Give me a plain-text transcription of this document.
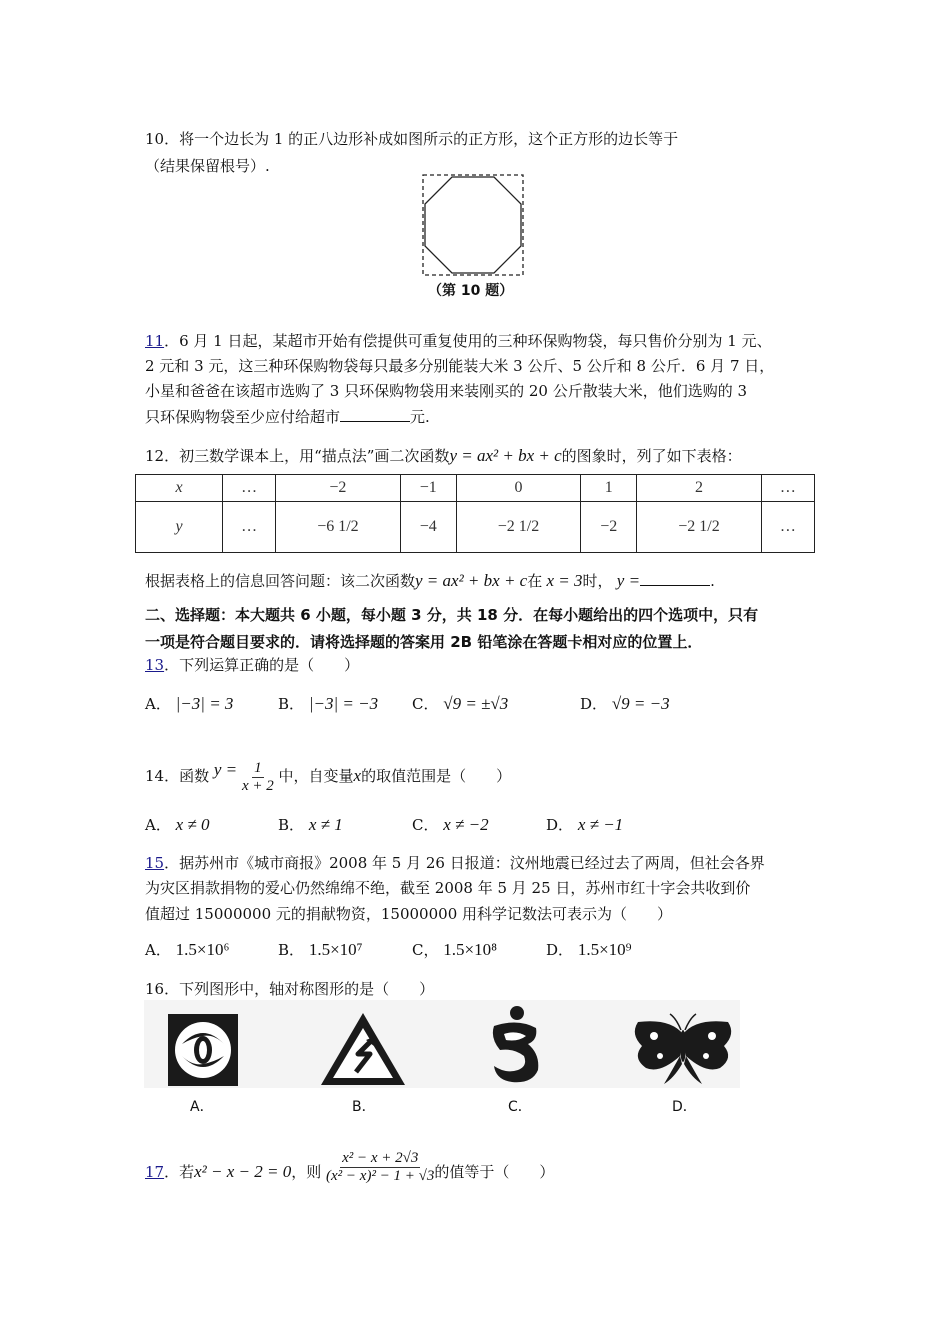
10．将一个边长为 1 的正八边形补成如图所示的正方形，这个正方形的边长等于
（结果保留根号）.
（第 10 题）
11．6 月 1 日起，某超市开始有偿提供可重复使用的三种环保购物袋，每只售价分别为 1 元、
2 元和 3 元，这三种环保购物袋每只最多分别能装大米 3 公斤、5 公斤和 8 公斤．6 月 7 日，
小星和爸爸在该超市选购了 3 只环保购物袋用来装刚买的 20 公斤散装大米，他们选购的 3
只环保购物袋至少应付给超市	元.
12．初三数学课本上，用“描点法”画二次函数y = ax² + bx + c的图象时，列了如下表格：
x	…	−2	−1	0	1	2	…
y	…	−6 1/2	−4	−2 1/2	−2	−2 1/2	…
根据表格上的信息回答问题：该二次函数y = ax² + bx + c在 x = 3时， y =	.
二、选择题：本大题共 6 小题，每小题 3 分，共 18 分．在每小题给出的四个选项中，只有
一项是符合题目要求的．请将选择题的答案用 2B 铅笔涂在答题卡相对应的位置上．
13．下列运算正确的是（　　）
A． |−3| = 3	B． |−3| = −3 C． √9 = ±√3	D． √9 = −3
14．函数 $y = \frac{1}{x + 2}$ 中，自变量x的取值范围是（　　）
A． x ≠ 0	B． x ≠ 1	C． x ≠ −2	D． x ≠ −1
15．据苏州市《城市商报》2008 年 5 月 26 日报道：汶州地震已经过去了两周，但社会各界
为灾区捐款捐物的爱心仍然绵绵不绝，截至 2008 年 5 月 25 日，苏州市红十字会共收到价
值超过 15000000 元的捐献物资，15000000 用科学记数法可表示为（　　）
A． 1.5×10⁶	B． 1.5×10⁷	C， 1.5×10⁸	D． 1.5×10⁹
16．下列图形中，轴对称图形的是（　　）
A．	B．	C．	D．
17．若x² − x − 2 = 0，则 $\frac{\text{x² − x + 2√3}}{\text{(x² − x)² − 1 + √3}}$ 的值等于（　　）
